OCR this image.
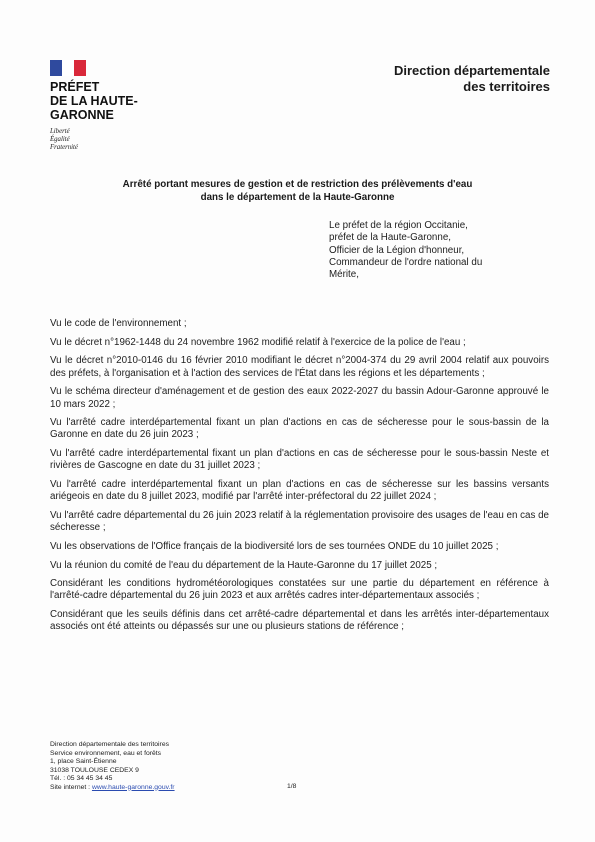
PRÉFET
DE LA HAUTE-
GARONNE
Liberté
Égalité
Fraternité
Direction départementale
des territoires
Arrêté portant mesures de gestion et de restriction des prélèvements d'eau
dans le département de la Haute-Garonne
Le préfet de la région Occitanie,
préfet de la Haute-Garonne,
Officier de la Légion d'honneur,
Commandeur de l'ordre national du
Mérite,

Vu le code de l'environnement ;

Vu le décret n°1962-1448 du 24 novembre 1962 modifié relatif à l'exercice de la police de l'eau ;

Vu le décret n°2010-0146 du 16 février 2010 modifiant le décret n°2004-374 du 29 avril 2004 relatif aux pouvoirs des préfets, à l'organisation et à l'action des services de l'État dans les régions et les départements ;

Vu le schéma directeur d'aménagement et de gestion des eaux 2022-2027 du bassin Adour-Garonne approuvé le 10 mars 2022 ;

Vu l'arrêté cadre interdépartemental fixant un plan d'actions en cas de sécheresse pour le sous-bassin de la Garonne en date du 26 juin 2023 ;

Vu l'arrêté cadre interdépartemental fixant un plan d'actions en cas de sécheresse pour le sous-bassin Neste et rivières de Gascogne en date du 31 juillet 2023 ;

Vu l'arrêté cadre interdépartemental fixant un plan d'actions en cas de sécheresse sur les bassins versants ariégeois en date du 8 juillet 2023, modifié par l'arrêté inter-préfectoral du 22 juillet 2024 ;

Vu l'arrêté cadre départemental du 26 juin 2023 relatif à la réglementation provisoire des usages de l'eau en cas de sécheresse ;

Vu les observations de l'Office français de la biodiversité lors de ses tournées ONDE du 10 juillet 2025 ;

Vu la réunion du comité de l'eau du département de la Haute-Garonne du 17 juillet 2025 ;

Considérant les conditions hydrométéorologiques constatées sur une partie du département en référence à l'arrêté-cadre départemental du 26 juin 2023 et aux arrêtés cadres inter-départementaux associés ;

Considérant que les seuils définis dans cet arrêté-cadre départemental et dans les arrêtés inter-départementaux associés ont été atteints ou dépassés sur une ou plusieurs stations de référence ;

Direction départementale des territoires
Service environnement, eau et forêts
1, place Saint-Étienne
31038 TOULOUSE CEDEX 9
Tél. : 05 34 45 34 45
Site internet : www.haute-garonne.gouv.fr	1/8
